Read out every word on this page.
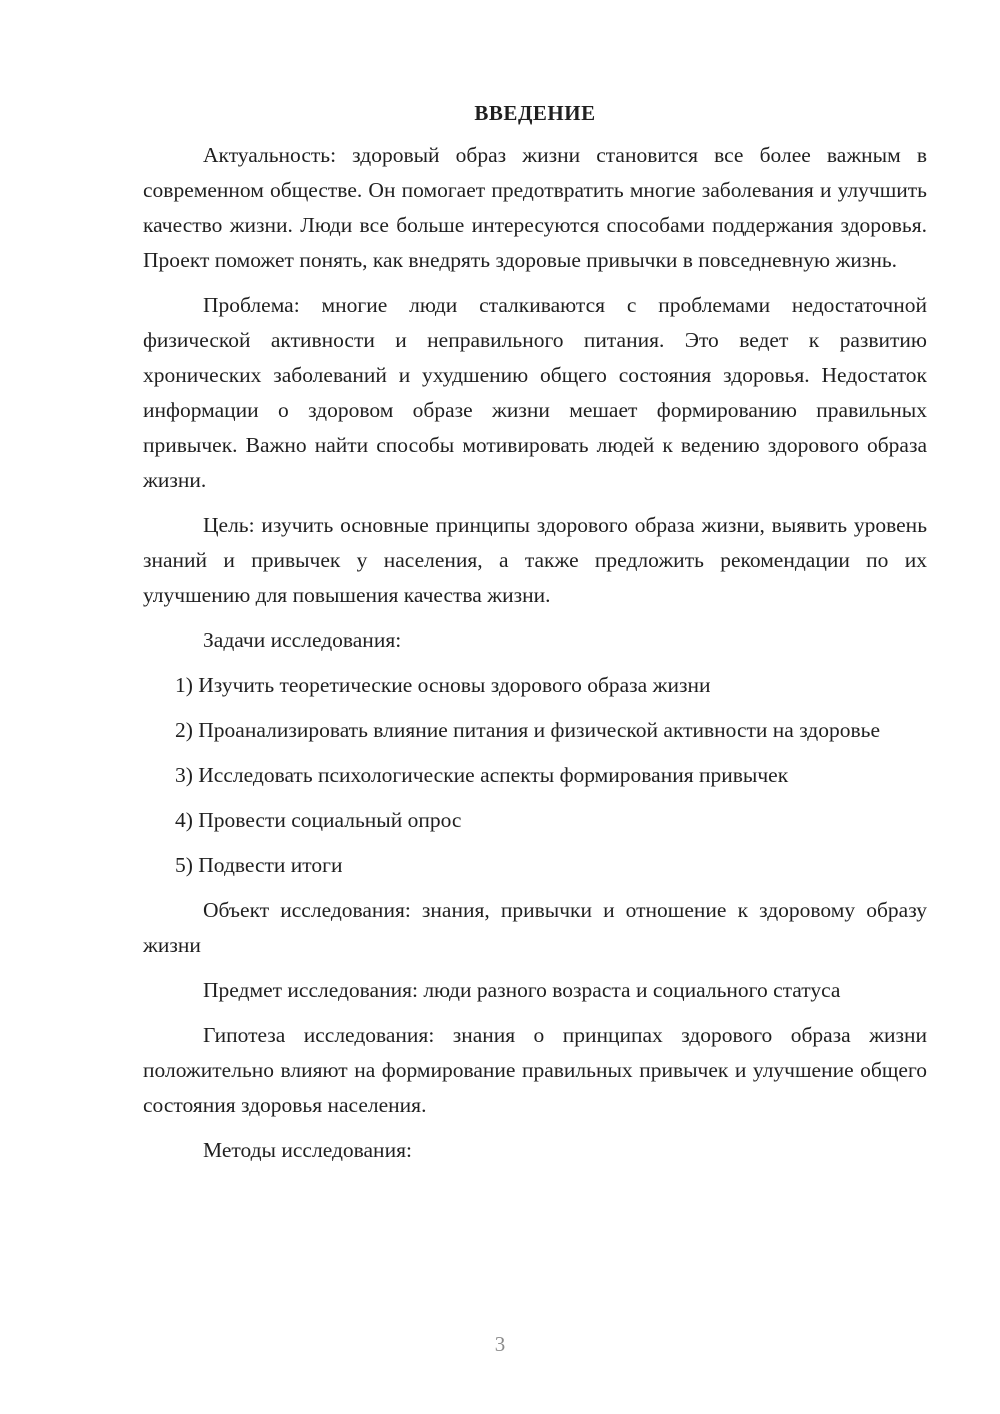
ВВЕДЕНИЕ

Актуальность: здоровый образ жизни становится все более важным в современном обществе. Он помогает предотвратить многие заболевания и улучшить качество жизни. Люди все больше интересуются способами поддержания здоровья. Проект поможет понять, как внедрять здоровые привычки в повседневную жизнь.

Проблема: многие люди сталкиваются с проблемами недостаточной физической активности и неправильного питания. Это ведет к развитию хронических заболеваний и ухудшению общего состояния здоровья. Недостаток информации о здоровом образе жизни мешает формированию правильных привычек. Важно найти способы мотивировать людей к ведению здорового образа жизни.

Цель: изучить основные принципы здорового образа жизни, выявить уровень знаний и привычек у населения, а также предложить рекомендации по их улучшению для повышения качества жизни.

Задачи исследования:

1) Изучить теоретические основы здорового образа жизни

2) Проанализировать влияние питания и физической активности на здоровье

3) Исследовать психологические аспекты формирования привычек

4) Провести социальный опрос

5) Подвести итоги

Объект исследования: знания, привычки и отношение к здоровому образу жизни

Предмет исследования: люди разного возраста и социального статуса

Гипотеза исследования: знания о принципах здорового образа жизни положительно влияют на формирование правильных привычек и улучшение общего состояния здоровья населения.

Методы исследования:

3
